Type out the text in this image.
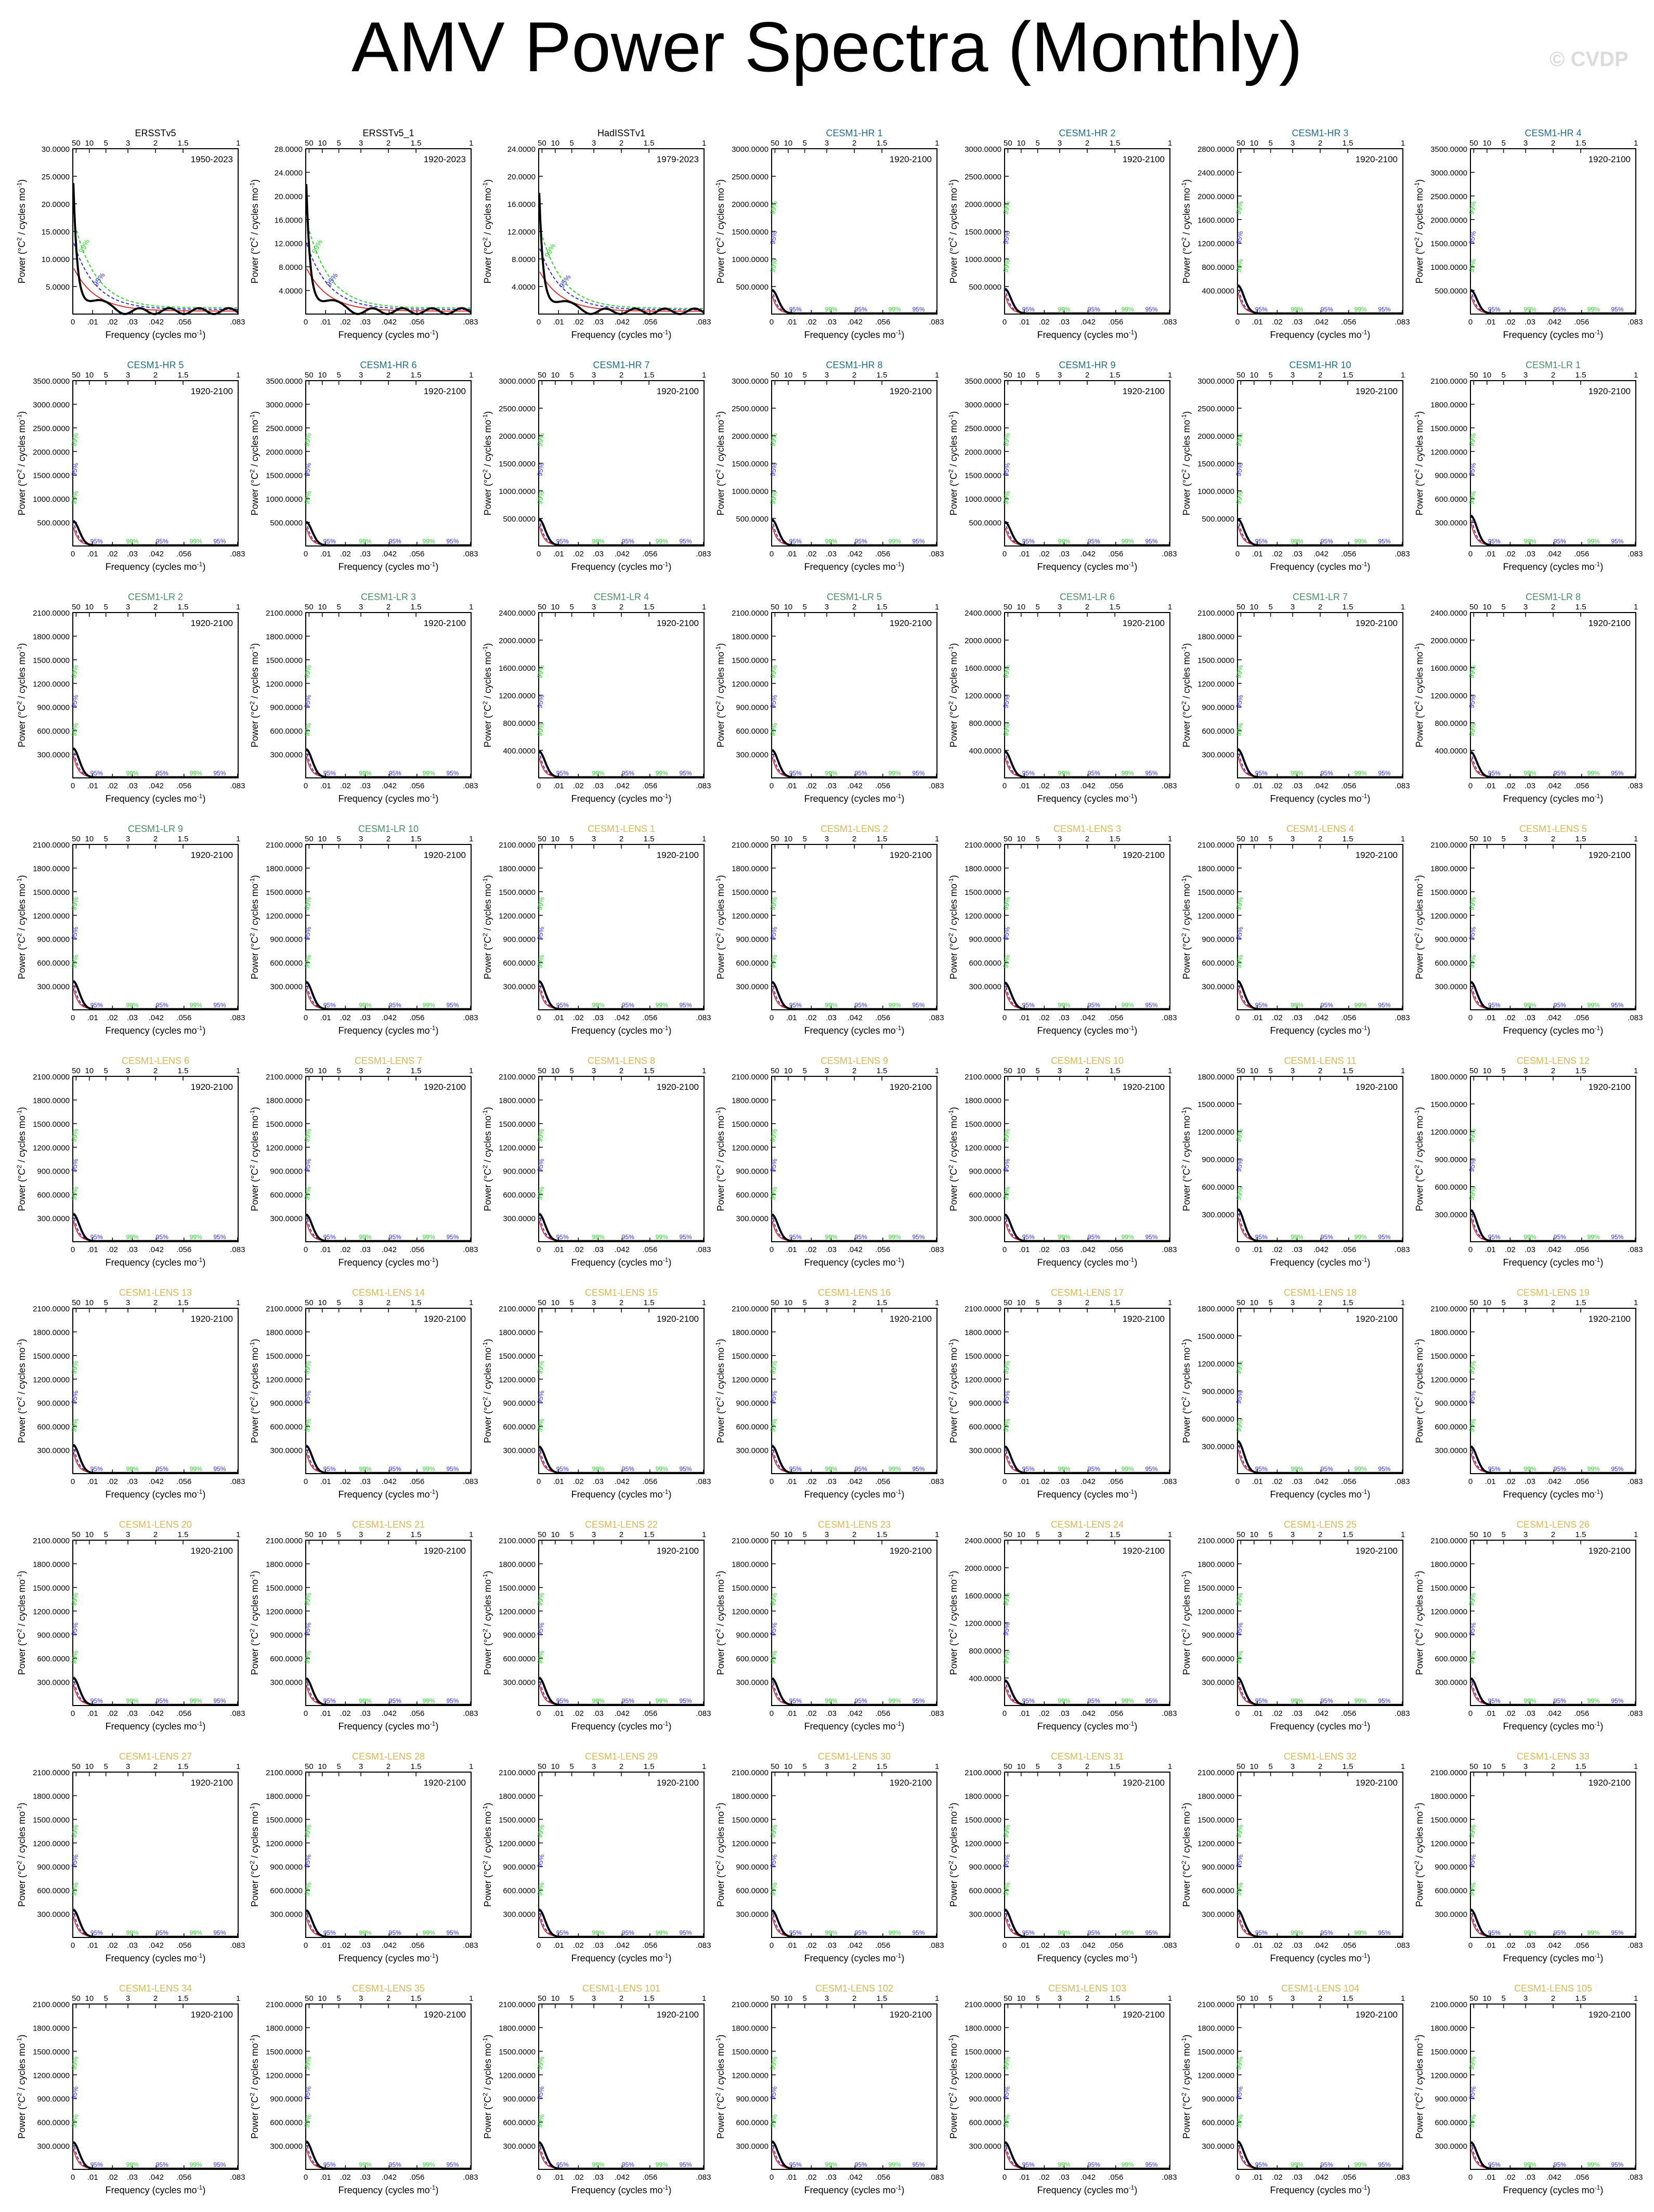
AMV Power Spectra (Monthly)	© CVDP
5.0000
10.0000
15.0000
20.0000
25.0000
30.0000
0 .01 .02 .03 .042 .056	.083
50 10 5 3	2	1.5	1
Frequency (cycles $mo^{-1}$)
Power ($^\circ C^2$ / cycles $mo^{-1}$)
ERSSTv5
1950-2023
99%
95%
4.0000
8.0000
12.0000
16.0000
20.0000
24.0000
28.0000
0 .01 .02 .03 .042 .056	.083
50 10 5 3	2	1.5	1
Frequency (cycles $mo^{-1}$)
Power ($^\circ C^2$ / cycles $mo^{-1}$)
ERSSTv5_1
1920-2023
99%
95%	4.0000
8.0000
12.0000
16.0000
20.0000
24.0000
0 .01 .02 .03 .042 .056	.083
50 10 5 3	2	1.5	1
Frequency (cycles $mo^{-1}$)
Power ($^\circ C^2$ / cycles $mo^{-1}$)
HadISSTv1
1979-2023
99%
95%	500.0000
1000.0000
1500.0000
2000.0000
2500.0000
3000.0000
0 .01 .02 .03 .042 .056	.083
50 10 5 3	2	1.5	1
Frequency (cycles $mo^{-1}$)
Power ($^\circ C^2$ / cycles $mo^{-1}$)
CESM1-HR 1
1920-2100
99%
95%
99%
95%	99%	95%	99% 95%
500.0000
1000.0000
1500.0000
2000.0000
2500.0000
3000.0000
0 .01 .02 .03 .042 .056	.083
50 10 5 3	2	1.5	1
Frequency (cycles $mo^{-1}$)
Power ($^\circ C^2$ / cycles $mo^{-1}$)
CESM1-HR 2
1920-2100
99%
95%
99%
95%	99%	95%	99% 95%
400.0000
800.0000
1200.0000
1600.0000
2000.0000
2400.0000
2800.0000
0 .01 .02 .03 .042 .056	.083
50 10 5 3	2	1.5	1
Frequency (cycles $mo^{-1}$)
Power ($^\circ C^2$ / cycles $mo^{-1}$)
CESM1-HR 3
1920-2100
99%
95%
99%
95%	99%	95%	99% 95%
500.0000
1000.0000
1500.0000
2000.0000
2500.0000
3000.0000
3500.0000
0 .01 .02 .03 .042 .056	.083
50 10 5 3	2	1.5	1
Frequency (cycles $mo^{-1}$)
Power ($^\circ C^2$ / cycles $mo^{-1}$)
CESM1-HR 4
1920-2100
99%
95%
99%
95%	99%	95%	99% 95%
500.0000
1000.0000
1500.0000
2000.0000
2500.0000
3000.0000
3500.0000
0 .01 .02 .03 .042 .056	.083
50 10 5 3	2	1.5	1
Frequency (cycles $mo^{-1}$)
Power ($^\circ C^2$ / cycles $mo^{-1}$)
CESM1-HR 5
1920-2100
99%
95%
99%
95%	99%	95%	99% 95%
500.0000
1000.0000
1500.0000
2000.0000
2500.0000
3000.0000
3500.0000
0 .01 .02 .03 .042 .056	.083
50 10 5 3	2	1.5	1
Frequency (cycles $mo^{-1}$)
Power ($^\circ C^2$ / cycles $mo^{-1}$)
CESM1-HR 6
1920-2100
99%
95%
99%
95%	99%	95%	99% 95%
500.0000
1000.0000
1500.0000
2000.0000
2500.0000
3000.0000
0 .01 .02 .03 .042 .056	.083
50 10 5 3	2	1.5	1
Frequency (cycles $mo^{-1}$)
Power ($^\circ C^2$ / cycles $mo^{-1}$)
CESM1-HR 7
1920-2100
99%
95%
99%
95%	99%	95%	99% 95%
500.0000
1000.0000
1500.0000
2000.0000
2500.0000
3000.0000
0 .01 .02 .03 .042 .056	.083
50 10 5 3	2	1.5	1
Frequency (cycles $mo^{-1}$)
Power ($^\circ C^2$ / cycles $mo^{-1}$)
CESM1-HR 8
1920-2100
99%
95%
99%
95%	99%	95%	99% 95%
500.0000
1000.0000
1500.0000
2000.0000
2500.0000
3000.0000
3500.0000
0 .01 .02 .03 .042 .056	.083
50 10 5 3	2	1.5	1
Frequency (cycles $mo^{-1}$)
Power ($^\circ C^2$ / cycles $mo^{-1}$)
CESM1-HR 9
1920-2100
99%
95%
99%
95%	99%	95%	99% 95%
500.0000
1000.0000
1500.0000
2000.0000
2500.0000
3000.0000
0 .01 .02 .03 .042 .056	.083
50 10 5 3	2	1.5	1
Frequency (cycles $mo^{-1}$)
Power ($^\circ C^2$ / cycles $mo^{-1}$)
CESM1-HR 10
1920-2100
99%
95%
99%
95%	99%	95%	99% 95%
300.0000
600.0000
900.0000
1200.0000
1500.0000
1800.0000
2100.0000
0 .01 .02 .03 .042 .056	.083
50 10 5 3	2	1.5	1
Frequency (cycles $mo^{-1}$)
Power ($^\circ C^2$ / cycles $mo^{-1}$)
CESM1-LR 1
1920-2100
99%
95%
99%
95%	99%	95%	99% 95%
300.0000
600.0000
900.0000
1200.0000
1500.0000
1800.0000
2100.0000
0 .01 .02 .03 .042 .056	.083
50 10 5 3	2	1.5	1
Frequency (cycles $mo^{-1}$)
Power ($^\circ C^2$ / cycles $mo^{-1}$)
CESM1-LR 2
1920-2100
99%
95%
99%
95%	99%	95%	99% 95%
300.0000
600.0000
900.0000
1200.0000
1500.0000
1800.0000
2100.0000
0 .01 .02 .03 .042 .056	.083
50 10 5 3	2	1.5	1
Frequency (cycles $mo^{-1}$)
Power ($^\circ C^2$ / cycles $mo^{-1}$)
CESM1-LR 3
1920-2100
99%
95%
99%
95%	99%	95%	99% 95%
400.0000
800.0000
1200.0000
1600.0000
2000.0000
2400.0000
0 .01 .02 .03 .042 .056	.083
50 10 5 3	2	1.5	1
Frequency (cycles $mo^{-1}$)
Power ($^\circ C^2$ / cycles $mo^{-1}$)
CESM1-LR 4
1920-2100
99%
95%
99%
95%	99%	95%	99% 95%
300.0000
600.0000
900.0000
1200.0000
1500.0000
1800.0000
2100.0000
0 .01 .02 .03 .042 .056	.083
50 10 5 3	2	1.5	1
Frequency (cycles $mo^{-1}$)
Power ($^\circ C^2$ / cycles $mo^{-1}$)
CESM1-LR 5
1920-2100
99%
95%
99%
95%	99%	95%	99% 95%
400.0000
800.0000
1200.0000
1600.0000
2000.0000
2400.0000
0 .01 .02 .03 .042 .056	.083
50 10 5 3	2	1.5	1
Frequency (cycles $mo^{-1}$)
Power ($^\circ C^2$ / cycles $mo^{-1}$)
CESM1-LR 6
1920-2100
99%
95%
99%
95%	99%	95%	99% 95%
300.0000
600.0000
900.0000
1200.0000
1500.0000
1800.0000
2100.0000
0 .01 .02 .03 .042 .056	.083
50 10 5 3	2	1.5	1
Frequency (cycles $mo^{-1}$)
Power ($^\circ C^2$ / cycles $mo^{-1}$)
CESM1-LR 7
1920-2100
99%
95%
99%
95%	99%	95%	99% 95%
400.0000
800.0000
1200.0000
1600.0000
2000.0000
2400.0000
0 .01 .02 .03 .042 .056	.083
50 10 5 3	2	1.5	1
Frequency (cycles $mo^{-1}$)
Power ($^\circ C^2$ / cycles $mo^{-1}$)
CESM1-LR 8
1920-2100
99%
95%
99%
95%	99%	95%	99% 95%
300.0000
600.0000
900.0000
1200.0000
1500.0000
1800.0000
2100.0000
0 .01 .02 .03 .042 .056	.083
50 10 5 3	2	1.5	1
Frequency (cycles $mo^{-1}$)
Power ($^\circ C^2$ / cycles $mo^{-1}$)
CESM1-LR 9
1920-2100
99%
95%
99%
95%	99%	95%	99% 95%
300.0000
600.0000
900.0000
1200.0000
1500.0000
1800.0000
2100.0000
0 .01 .02 .03 .042 .056	.083
50 10 5 3	2	1.5	1
Frequency (cycles $mo^{-1}$)
Power ($^\circ C^2$ / cycles $mo^{-1}$)
CESM1-LR 10
1920-2100
99%
95%
99%
95%	99%	95%	99% 95%
300.0000
600.0000
900.0000
1200.0000
1500.0000
1800.0000
2100.0000
0 .01 .02 .03 .042 .056	.083
50 10 5 3	2	1.5	1
Frequency (cycles $mo^{-1}$)
Power ($^\circ C^2$ / cycles $mo^{-1}$)
CESM1-LENS 1
1920-2100
99%
95%
99%
95%	99%	95%	99% 95%
300.0000
600.0000
900.0000
1200.0000
1500.0000
1800.0000
2100.0000
0 .01 .02 .03 .042 .056	.083
50 10 5 3	2	1.5	1
Frequency (cycles $mo^{-1}$)
Power ($^\circ C^2$ / cycles $mo^{-1}$)
CESM1-LENS 2
1920-2100
99%
95%
99%
95%	99%	95%	99% 95%
300.0000
600.0000
900.0000
1200.0000
1500.0000
1800.0000
2100.0000
0 .01 .02 .03 .042 .056	.083
50 10 5 3	2	1.5	1
Frequency (cycles $mo^{-1}$)
Power ($^\circ C^2$ / cycles $mo^{-1}$)
CESM1-LENS 3
1920-2100
99%
95%
99%
95%	99%	95%	99% 95%
300.0000
600.0000
900.0000
1200.0000
1500.0000
1800.0000
2100.0000
0 .01 .02 .03 .042 .056	.083
50 10 5 3	2	1.5	1
Frequency (cycles $mo^{-1}$)
Power ($^\circ C^2$ / cycles $mo^{-1}$)
CESM1-LENS 4
1920-2100
99%
95%
99%
95%	99%	95%	99% 95%
300.0000
600.0000
900.0000
1200.0000
1500.0000
1800.0000
2100.0000
0 .01 .02 .03 .042 .056	.083
50 10 5 3	2	1.5	1
Frequency (cycles $mo^{-1}$)
Power ($^\circ C^2$ / cycles $mo^{-1}$)
CESM1-LENS 5
1920-2100
99%
95%
99%
95%	99%	95%	99% 95%
300.0000
600.0000
900.0000
1200.0000
1500.0000
1800.0000
2100.0000
0 .01 .02 .03 .042 .056	.083
50 10 5 3	2	1.5	1
Frequency (cycles $mo^{-1}$)
Power ($^\circ C^2$ / cycles $mo^{-1}$)
CESM1-LENS 6
1920-2100
99%
95%
99%
95%	99%	95%	99% 95%
300.0000
600.0000
900.0000
1200.0000
1500.0000
1800.0000
2100.0000
0 .01 .02 .03 .042 .056	.083
50 10 5 3	2	1.5	1
Frequency (cycles $mo^{-1}$)
Power ($^\circ C^2$ / cycles $mo^{-1}$)
CESM1-LENS 7
1920-2100
99%
95%
99%
95%	99%	95%	99% 95%
300.0000
600.0000
900.0000
1200.0000
1500.0000
1800.0000
2100.0000
0 .01 .02 .03 .042 .056	.083
50 10 5 3	2	1.5	1
Frequency (cycles $mo^{-1}$)
Power ($^\circ C^2$ / cycles $mo^{-1}$)
CESM1-LENS 8
1920-2100
99%
95%
99%
95%	99%	95%	99% 95%
300.0000
600.0000
900.0000
1200.0000
1500.0000
1800.0000
2100.0000
0 .01 .02 .03 .042 .056	.083
50 10 5 3	2	1.5	1
Frequency (cycles $mo^{-1}$)
Power ($^\circ C^2$ / cycles $mo^{-1}$)
CESM1-LENS 9
1920-2100
99%
95%
99%
95%	99%	95%	99% 95%
300.0000
600.0000
900.0000
1200.0000
1500.0000
1800.0000
2100.0000
0 .01 .02 .03 .042 .056	.083
50 10 5 3	2	1.5	1
Frequency (cycles $mo^{-1}$)
Power ($^\circ C^2$ / cycles $mo^{-1}$)
CESM1-LENS 10
1920-2100
99%
95%
99%
95%	99%	95%	99% 95%
300.0000
600.0000
900.0000
1200.0000
1500.0000
1800.0000
0 .01 .02 .03 .042 .056	.083
50 10 5 3	2	1.5	1
Frequency (cycles $mo^{-1}$)
Power ($^\circ C^2$ / cycles $mo^{-1}$)
CESM1-LENS 11
1920-2100
99%
95%
99%
95%	99%	95%	99% 95%
300.0000
600.0000
900.0000
1200.0000
1500.0000
1800.0000
0 .01 .02 .03 .042 .056	.083
50 10 5 3	2	1.5	1
Frequency (cycles $mo^{-1}$)
Power ($^\circ C^2$ / cycles $mo^{-1}$)
CESM1-LENS 12
1920-2100
99%
95%
99%
95%	99%	95%	99% 95%
300.0000
600.0000
900.0000
1200.0000
1500.0000
1800.0000
2100.0000
0 .01 .02 .03 .042 .056	.083
50 10 5 3	2	1.5	1
Frequency (cycles $mo^{-1}$)
Power ($^\circ C^2$ / cycles $mo^{-1}$)
CESM1-LENS 13
1920-2100
99%
95%
99%
95%	99%	95%	99% 95%
300.0000
600.0000
900.0000
1200.0000
1500.0000
1800.0000
2100.0000
0 .01 .02 .03 .042 .056	.083
50 10 5 3	2	1.5	1
Frequency (cycles $mo^{-1}$)
Power ($^\circ C^2$ / cycles $mo^{-1}$)
CESM1-LENS 14
1920-2100
99%
95%
99%
95%	99%	95%	99% 95%
300.0000
600.0000
900.0000
1200.0000
1500.0000
1800.0000
2100.0000
0 .01 .02 .03 .042 .056	.083
50 10 5 3	2	1.5	1
Frequency (cycles $mo^{-1}$)
Power ($^\circ C^2$ / cycles $mo^{-1}$)
CESM1-LENS 15
1920-2100
99%
95%
99%
95%	99%	95%	99% 95%
300.0000
600.0000
900.0000
1200.0000
1500.0000
1800.0000
2100.0000
0 .01 .02 .03 .042 .056	.083
50 10 5 3	2	1.5	1
Frequency (cycles $mo^{-1}$)
Power ($^\circ C^2$ / cycles $mo^{-1}$)
CESM1-LENS 16
1920-2100
99%
95%
99%
95%	99%	95%	99% 95%
300.0000
600.0000
900.0000
1200.0000
1500.0000
1800.0000
2100.0000
0 .01 .02 .03 .042 .056	.083
50 10 5 3	2	1.5	1
Frequency (cycles $mo^{-1}$)
Power ($^\circ C^2$ / cycles $mo^{-1}$)
CESM1-LENS 17
1920-2100
99%
95%
99%
95%	99%	95%	99% 95%
300.0000
600.0000
900.0000
1200.0000
1500.0000
1800.0000
0 .01 .02 .03 .042 .056	.083
50 10 5 3	2	1.5	1
Frequency (cycles $mo^{-1}$)
Power ($^\circ C^2$ / cycles $mo^{-1}$)
CESM1-LENS 18
1920-2100
99%
95%
99%
95%	99%	95%	99% 95%
300.0000
600.0000
900.0000
1200.0000
1500.0000
1800.0000
2100.0000
0 .01 .02 .03 .042 .056	.083
50 10 5 3	2	1.5	1
Frequency (cycles $mo^{-1}$)
Power ($^\circ C^2$ / cycles $mo^{-1}$)
CESM1-LENS 19
1920-2100
99%
95%
99%
95%	99%	95%	99% 95%
300.0000
600.0000
900.0000
1200.0000
1500.0000
1800.0000
2100.0000
0 .01 .02 .03 .042 .056	.083
50 10 5 3	2	1.5	1
Frequency (cycles $mo^{-1}$)
Power ($^\circ C^2$ / cycles $mo^{-1}$)
CESM1-LENS 20
1920-2100
99%
95%
99%
95%	99%	95%	99% 95%
300.0000
600.0000
900.0000
1200.0000
1500.0000
1800.0000
2100.0000
0 .01 .02 .03 .042 .056	.083
50 10 5 3	2	1.5	1
Frequency (cycles $mo^{-1}$)
Power ($^\circ C^2$ / cycles $mo^{-1}$)
CESM1-LENS 21
1920-2100
99%
95%
99%
95%	99%	95%	99% 95%
300.0000
600.0000
900.0000
1200.0000
1500.0000
1800.0000
2100.0000
0 .01 .02 .03 .042 .056	.083
50 10 5 3	2	1.5	1
Frequency (cycles $mo^{-1}$)
Power ($^\circ C^2$ / cycles $mo^{-1}$)
CESM1-LENS 22
1920-2100
99%
95%
99%
95%	99%	95%	99% 95%
300.0000
600.0000
900.0000
1200.0000
1500.0000
1800.0000
2100.0000
0 .01 .02 .03 .042 .056	.083
50 10 5 3	2	1.5	1
Frequency (cycles $mo^{-1}$)
Power ($^\circ C^2$ / cycles $mo^{-1}$)
CESM1-LENS 23
1920-2100
99%
95%
99%
95%	99%	95%	99% 95%
400.0000
800.0000
1200.0000
1600.0000
2000.0000
2400.0000
0 .01 .02 .03 .042 .056	.083
50 10 5 3	2	1.5	1
Frequency (cycles $mo^{-1}$)
Power ($^\circ C^2$ / cycles $mo^{-1}$)
CESM1-LENS 24
1920-2100
99%
95%
99%
95%	99%	95%	99% 95%
300.0000
600.0000
900.0000
1200.0000
1500.0000
1800.0000
2100.0000
0 .01 .02 .03 .042 .056	.083
50 10 5 3	2	1.5	1
Frequency (cycles $mo^{-1}$)
Power ($^\circ C^2$ / cycles $mo^{-1}$)
CESM1-LENS 25
1920-2100
99%
95%
99%
95%	99%	95%	99% 95%
300.0000
600.0000
900.0000
1200.0000
1500.0000
1800.0000
2100.0000
0 .01 .02 .03 .042 .056	.083
50 10 5 3	2	1.5	1
Frequency (cycles $mo^{-1}$)
Power ($^\circ C^2$ / cycles $mo^{-1}$)
CESM1-LENS 26
1920-2100
99%
95%
99%
95%	99%	95%	99% 95%
300.0000
600.0000
900.0000
1200.0000
1500.0000
1800.0000
2100.0000
0 .01 .02 .03 .042 .056	.083
50 10 5 3	2	1.5	1
Frequency (cycles $mo^{-1}$)
Power ($^\circ C^2$ / cycles $mo^{-1}$)
CESM1-LENS 27
1920-2100
99%
95%
99%
95%	99%	95%	99% 95%
300.0000
600.0000
900.0000
1200.0000
1500.0000
1800.0000
2100.0000
0 .01 .02 .03 .042 .056	.083
50 10 5 3	2	1.5	1
Frequency (cycles $mo^{-1}$)
Power ($^\circ C^2$ / cycles $mo^{-1}$)
CESM1-LENS 28
1920-2100
99%
95%
99%
95%	99%	95%	99% 95%
300.0000
600.0000
900.0000
1200.0000
1500.0000
1800.0000
2100.0000
0 .01 .02 .03 .042 .056	.083
50 10 5 3	2	1.5	1
Frequency (cycles $mo^{-1}$)
Power ($^\circ C^2$ / cycles $mo^{-1}$)
CESM1-LENS 29
1920-2100
99%
95%
99%
95%	99%	95%	99% 95%
300.0000
600.0000
900.0000
1200.0000
1500.0000
1800.0000
2100.0000
0 .01 .02 .03 .042 .056	.083
50 10 5 3	2	1.5	1
Frequency (cycles $mo^{-1}$)
Power ($^\circ C^2$ / cycles $mo^{-1}$)
CESM1-LENS 30
1920-2100
99%
95%
99%
95%	99%	95%	99% 95%
300.0000
600.0000
900.0000
1200.0000
1500.0000
1800.0000
2100.0000
0 .01 .02 .03 .042 .056	.083
50 10 5 3	2	1.5	1
Frequency (cycles $mo^{-1}$)
Power ($^\circ C^2$ / cycles $mo^{-1}$)
CESM1-LENS 31
1920-2100
99%
95%
99%
95%	99%	95%	99% 95%
300.0000
600.0000
900.0000
1200.0000
1500.0000
1800.0000
2100.0000
0 .01 .02 .03 .042 .056	.083
50 10 5 3	2	1.5	1
Frequency (cycles $mo^{-1}$)
Power ($^\circ C^2$ / cycles $mo^{-1}$)
CESM1-LENS 32
1920-2100
99%
95%
99%
95%	99%	95%	99% 95%
300.0000
600.0000
900.0000
1200.0000
1500.0000
1800.0000
2100.0000
0 .01 .02 .03 .042 .056	.083
50 10 5 3	2	1.5	1
Frequency (cycles $mo^{-1}$)
Power ($^\circ C^2$ / cycles $mo^{-1}$)
CESM1-LENS 33
1920-2100
99%
95%
99%
95%	99%	95%	99% 95%
300.0000
600.0000
900.0000
1200.0000
1500.0000
1800.0000
2100.0000
0 .01 .02 .03 .042 .056	.083
50 10 5 3	2	1.5	1
Frequency (cycles $mo^{-1}$)
Power ($^\circ C^2$ / cycles $mo^{-1}$)
CESM1-LENS 34
1920-2100
99%
95%
99%
95%	99%	95%	99% 95%
300.0000
600.0000
900.0000
1200.0000
1500.0000
1800.0000
2100.0000
0 .01 .02 .03 .042 .056	.083
50 10 5 3	2	1.5	1
Frequency (cycles $mo^{-1}$)
Power ($^\circ C^2$ / cycles $mo^{-1}$)
CESM1-LENS 35
1920-2100
99%
95%
99%
95%	99%	95%	99% 95%
300.0000
600.0000
900.0000
1200.0000
1500.0000
1800.0000
2100.0000
0 .01 .02 .03 .042 .056	.083
50 10 5 3	2	1.5	1
Frequency (cycles $mo^{-1}$)
Power ($^\circ C^2$ / cycles $mo^{-1}$)
CESM1-LENS 101
1920-2100
99%
95%
99%
95%	99%	95%	99% 95%
300.0000
600.0000
900.0000
1200.0000
1500.0000
1800.0000
2100.0000
0 .01 .02 .03 .042 .056	.083
50 10 5 3	2	1.5	1
Frequency (cycles $mo^{-1}$)
Power ($^\circ C^2$ / cycles $mo^{-1}$)
CESM1-LENS 102
1920-2100
99%
95%
99%
95%	99%	95%	99% 95%
300.0000
600.0000
900.0000
1200.0000
1500.0000
1800.0000
2100.0000
0 .01 .02 .03 .042 .056	.083
50 10 5 3	2	1.5	1
Frequency (cycles $mo^{-1}$)
Power ($^\circ C^2$ / cycles $mo^{-1}$)
CESM1-LENS 103
1920-2100
99%
95%
99%
95%	99%	95%	99% 95%
300.0000
600.0000
900.0000
1200.0000
1500.0000
1800.0000
2100.0000
0 .01 .02 .03 .042 .056	.083
50 10 5 3	2	1.5	1
Frequency (cycles $mo^{-1}$)
Power ($^\circ C^2$ / cycles $mo^{-1}$)
CESM1-LENS 104
1920-2100
99%
95%
99%
95%	99%	95%	99% 95%
300.0000
600.0000
900.0000
1200.0000
1500.0000
1800.0000
2100.0000
0 .01 .02 .03 .042 .056	.083
50 10 5 3	2	1.5	1
Frequency (cycles $mo^{-1}$)
Power ($^\circ C^2$ / cycles $mo^{-1}$)
CESM1-LENS 105
1920-2100
99%
95%
99%
95%	99%	95%	99% 95%
